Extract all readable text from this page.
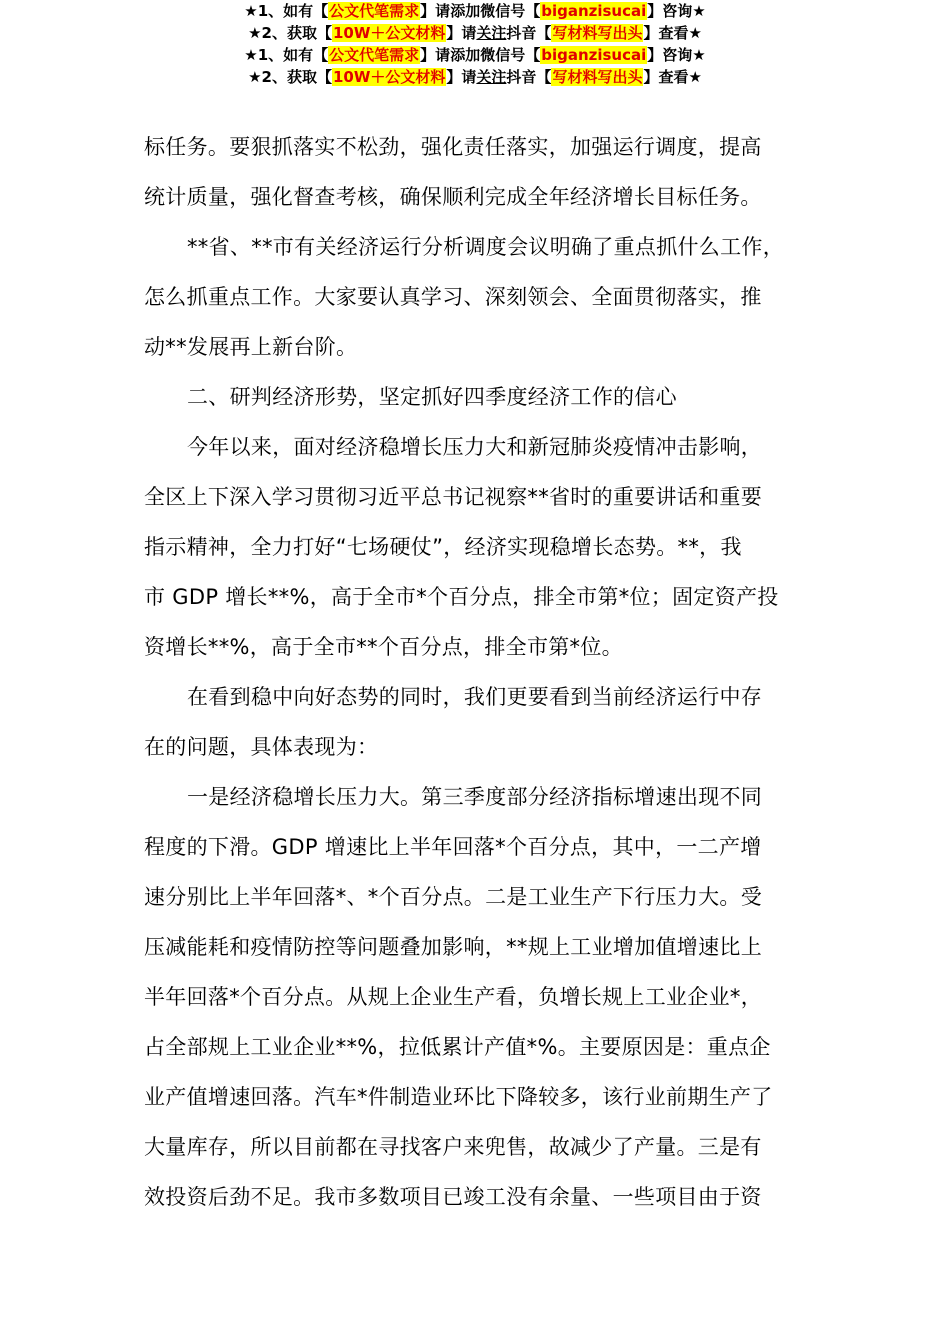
★1、如有【公文代笔需求】请添加微信号【biganzisucai】咨询★
★2、获取【10W＋公文材料】请关注抖音【写材料写出头】查看★
标任务。要狠抓落实不松劲，强化责任落实，加强运行调度，提高
统计质量，强化督查考核，确保顺利完成全年经济增长目标任务。
**省、**市有关经济运行分析调度会议明确了重点抓什么工作，
怎么抓重点工作。大家要认真学习、深刻领会、全面贯彻落实，推
动**发展再上新台阶。
二、研判经济形势，坚定抓好四季度经济工作的信心
今年以来，面对经济稳增长压力大和新冠肺炎疫情冲击影响，
全区上下深入学习贯彻习近平总书记视察**省时的重要讲话和重要
指示精神，全力打好“七场硬仗”，经济实现稳增长态势。**，我
市 GDP 增长**%，高于全市*个百分点，排全市第*位；固定资产投
资增长**%，高于全市**个百分点，排全市第*位。
在看到稳中向好态势的同时，我们更要看到当前经济运行中存
在的问题，具体表现为：
一是经济稳增长压力大。第三季度部分经济指标增速出现不同
程度的下滑。GDP 增速比上半年回落*个百分点，其中，一二产增
速分别比上半年回落*、*个百分点。二是工业生产下行压力大。受
压减能耗和疫情防控等问题叠加影响，**规上工业增加值增速比上
半年回落*个百分点。从规上企业生产看，负增长规上工业企业*，
占全部规上工业企业**%，拉低累计产值*%。主要原因是：重点企
业产值增速回落。汽车*件制造业环比下降较多，该行业前期生产了
大量库存，所以目前都在寻找客户来兜售，故减少了产量。三是有
效投资后劲不足。我市多数项目已竣工没有余量、一些项目由于资
★1、如有【公文代笔需求】请添加微信号【biganzisucai】咨询★
★2、获取【10W＋公文材料】请关注抖音【写材料写出头】查看★
